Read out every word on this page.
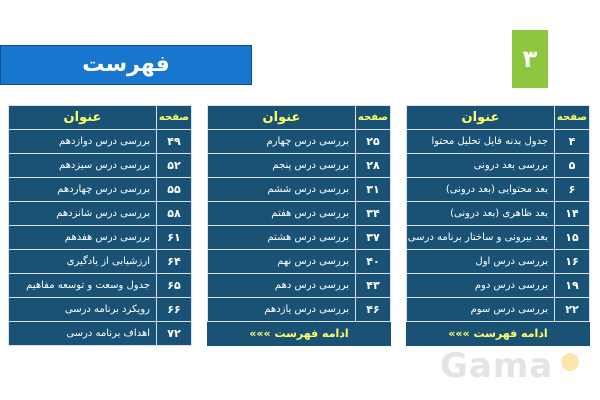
فهرست	۳
صفحه	عنوان
۴	جدول بدنه فایل تحلیل محتوا
۵	بررسی بعد درونی
۶	بعد محتوایی (بعد درونی)
۱۴	بعد ظاهری (بعد درونی)
۱۵	بعد بیرونی و ساختار برنامه درسی
۱۶	بررسی درس اول
۱۹	بررسی درس دوم
۲۲	بررسی درس سوم
««« ادامه فهرست
صفحه	عنوان
۲۵	بررسی درس چهارم
۲۸	بررسی درس پنجم
۳۱	بررسی درس ششم
۳۴	بررسی درس هفتم
۳۷	بررسی درس هشتم
۴۰	بررسی درس نهم
۴۳	بررسی درس دهم
۴۶	بررسی درس یازدهم
««« ادامه فهرست
صفحه	عنوان
۴۹	بررسی درس دوازدهم
۵۲	بررسی درس سیزدهم
۵۵	بررسی درس چهاردهم
۵۸	بررسی درس شانزدهم
۶۱	بررسی درس هفدهم
۶۴	ارزشیابی از یادگیری
۶۵	جدول وسعت و توسعه مفاهیم
۶۶	رویکرد برنامه درسی
۷۲	اهداف برنامه درسی
Gama
